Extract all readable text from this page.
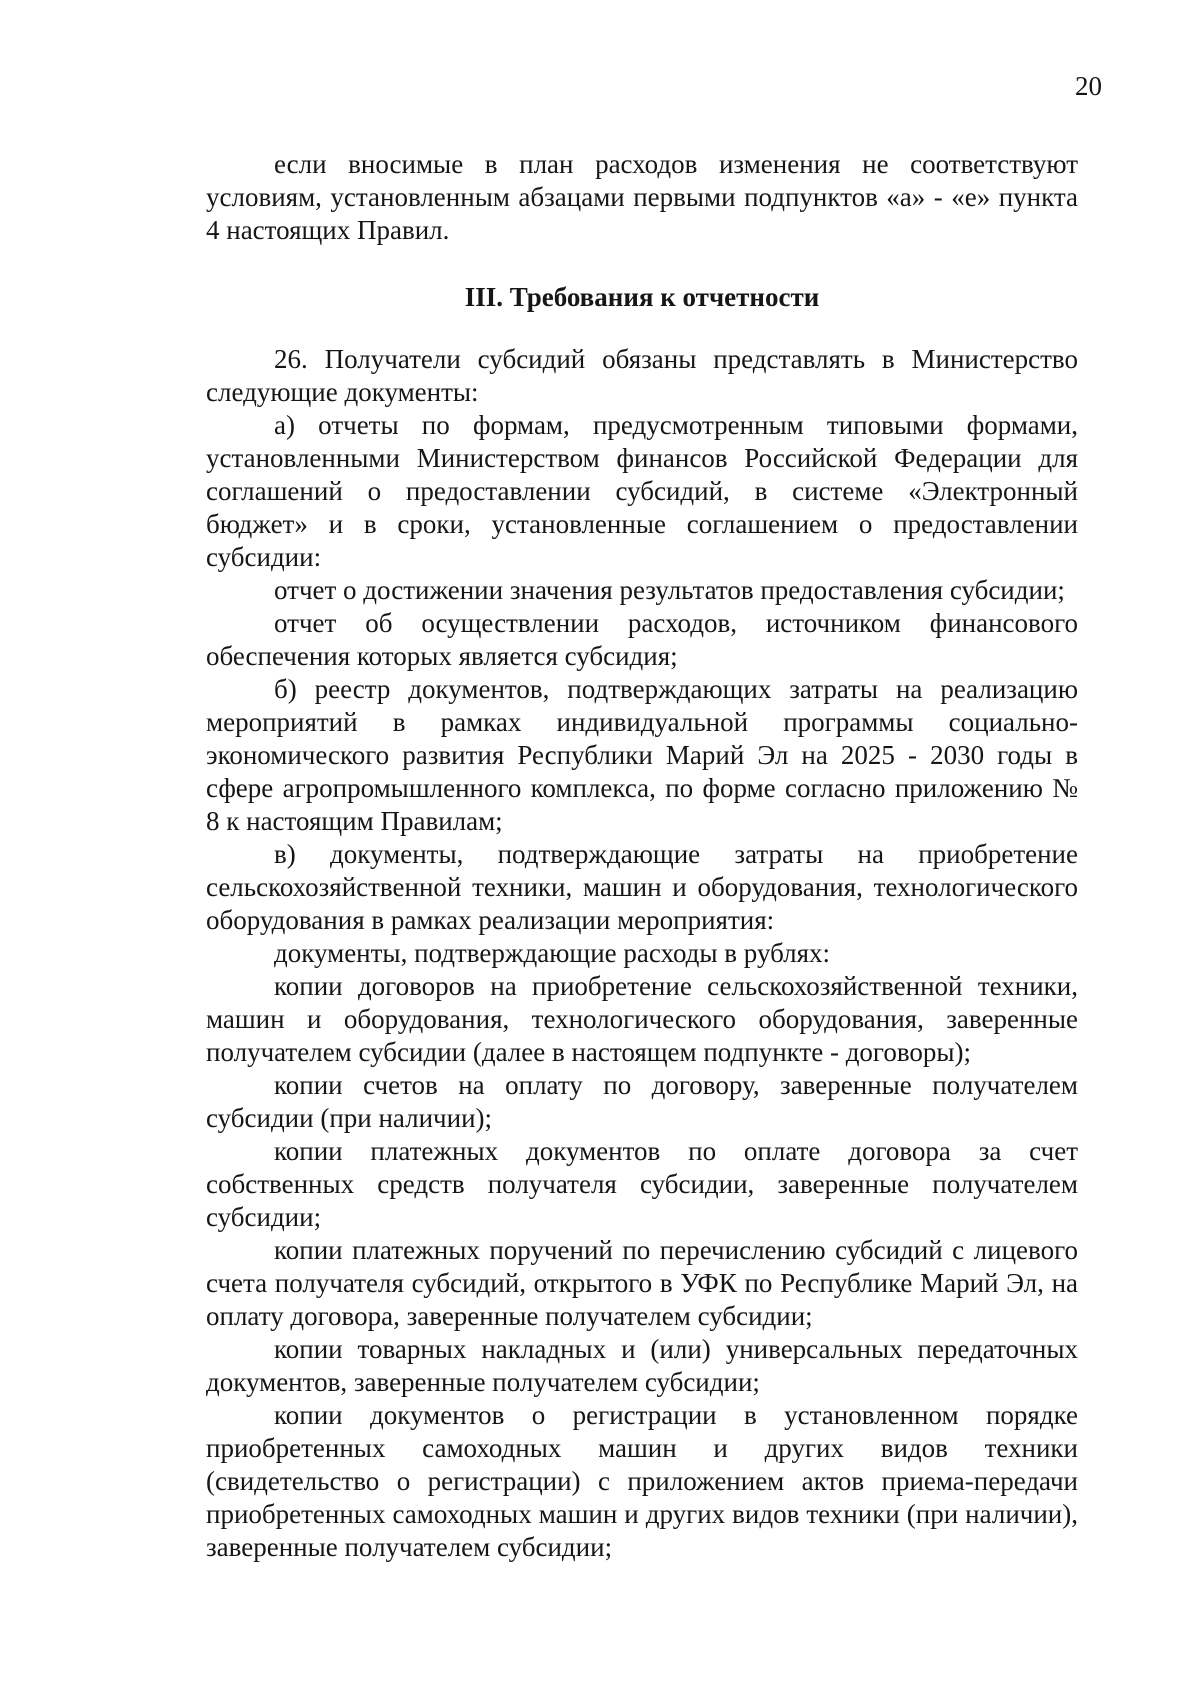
20

если вносимые в план расходов изменения не соответствуют условиям, установленным абзацами первыми подпунктов «а» - «е» пункта 4 настоящих Правил.

III. Требования к отчетности

26. Получатели субсидий обязаны представлять в Министерство следующие документы:

а) отчеты по формам, предусмотренным типовыми формами, установленными Министерством финансов Российской Федерации для соглашений о предоставлении субсидий, в системе «Электронный бюджет» и в сроки, установленные соглашением о предоставлении субсидии:

отчет о достижении значения результатов предоставления субсидии;

отчет об осуществлении расходов, источником финансового обеспечения которых является субсидия;

б) реестр документов, подтверждающих затраты на реализацию мероприятий в рамках индивидуальной программы социально-экономического развития Республики Марий Эл на 2025 - 2030 годы в сфере агропромышленного комплекса, по форме согласно приложению № 8 к настоящим Правилам;

в) документы, подтверждающие затраты на приобретение сельскохозяйственной техники, машин и оборудования, технологического оборудования в рамках реализации мероприятия:

документы, подтверждающие расходы в рублях:

копии договоров на приобретение сельскохозяйственной техники, машин и оборудования, технологического оборудования, заверенные получателем субсидии (далее в настоящем подпункте - договоры);

копии счетов на оплату по договору, заверенные получателем субсидии (при наличии);

копии платежных документов по оплате договора за счет собственных средств получателя субсидии, заверенные получателем субсидии;

копии платежных поручений по перечислению субсидий с лицевого счета получателя субсидий, открытого в УФК по Республике Марий Эл, на оплату договора, заверенные получателем субсидии;

копии товарных накладных и (или) универсальных передаточных документов, заверенные получателем субсидии;

копии документов о регистрации в установленном порядке приобретенных самоходных машин и других видов техники (свидетельство о регистрации) с приложением актов приема-передачи приобретенных самоходных машин и других видов техники (при наличии), заверенные получателем субсидии;
